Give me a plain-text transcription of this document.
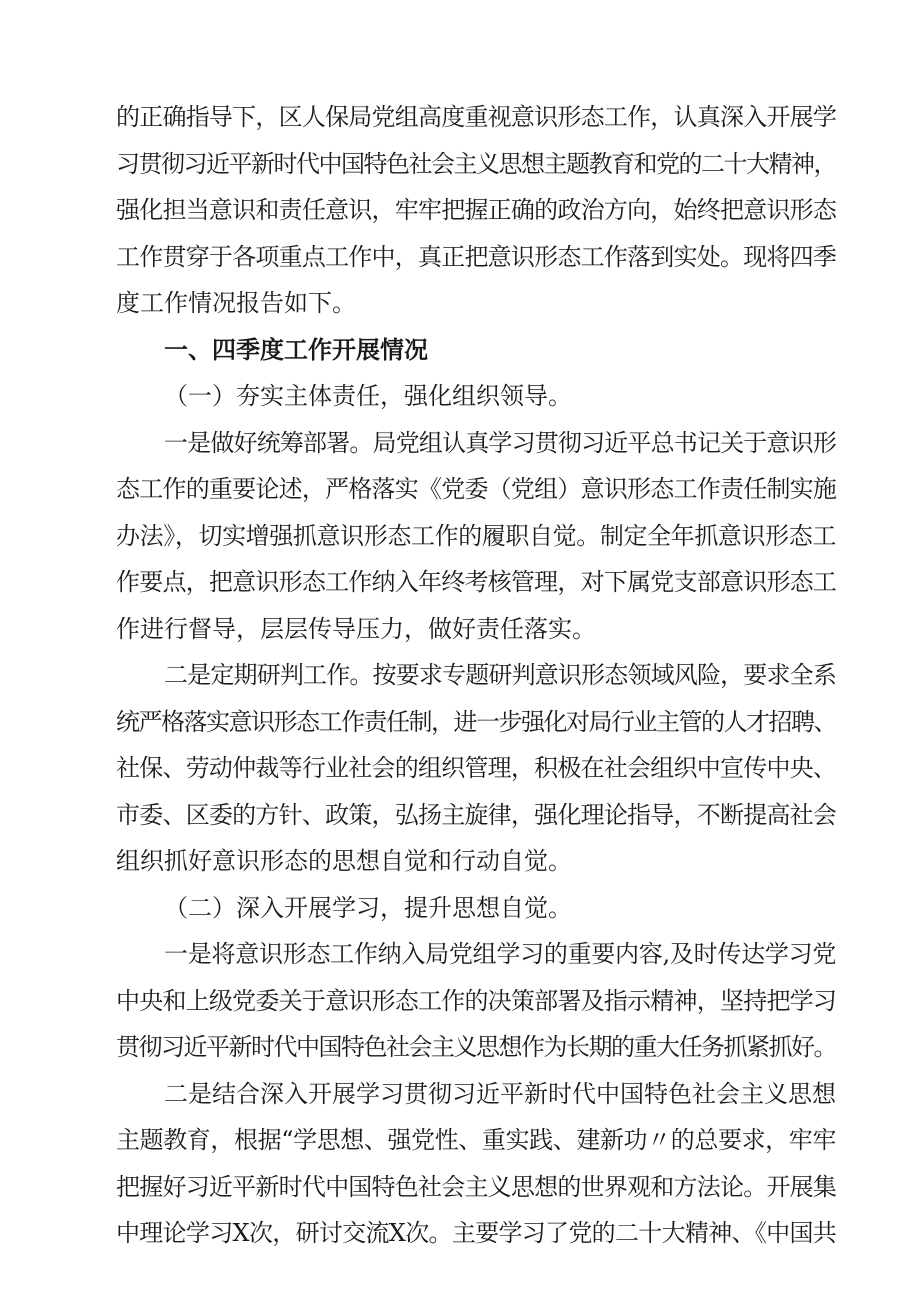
的正确指导下，区人保局党组高度重视意识形态工作，认真深入开展学
习贯彻习近平新时代中国特色社会主义思想主题教育和党的二十大精神，
强化担当意识和责任意识，牢牢把握正确的政治方向，始终把意识形态
工作贯穿于各项重点工作中，真正把意识形态工作落到实处。现将四季
度工作情况报告如下。
一、四季度工作开展情况
（一）夯实主体责任，强化组织领导。
一是做好统筹部署。局党组认真学习贯彻习近平总书记关于意识形
态工作的重要论述，严格落实《党委（党组）意识形态工作责任制实施
办法》，切实增强抓意识形态工作的履职自觉。制定全年抓意识形态工
作要点，把意识形态工作纳入年终考核管理，对下属党支部意识形态工
作进行督导，层层传导压力，做好责任落实。
二是定期研判工作。按要求专题研判意识形态领域风险，要求全系
统严格落实意识形态工作责任制，进一步强化对局行业主管的人才招聘、
社保、劳动仲裁等行业社会的组织管理，积极在社会组织中宣传中央、
市委、区委的方针、政策，弘扬主旋律，强化理论指导，不断提高社会
组织抓好意识形态的思想自觉和行动自觉。
（二）深入开展学习，提升思想自觉。
一是将意识形态工作纳入局党组学习的重要内容,及时传达学习党
中央和上级党委关于意识形态工作的决策部署及指示精神，坚持把学习
贯彻习近平新时代中国特色社会主义思想作为长期的重大任务抓紧抓好。
二是结合深入开展学习贯彻习近平新时代中国特色社会主义思想
主题教育，根据“学思想、强党性、重实践、建新功〃的总要求，牢牢
把握好习近平新时代中国特色社会主义思想的世界观和方法论。开展集
中理论学习X次，研讨交流X次。主要学习了党的二十大精神、《中国共
